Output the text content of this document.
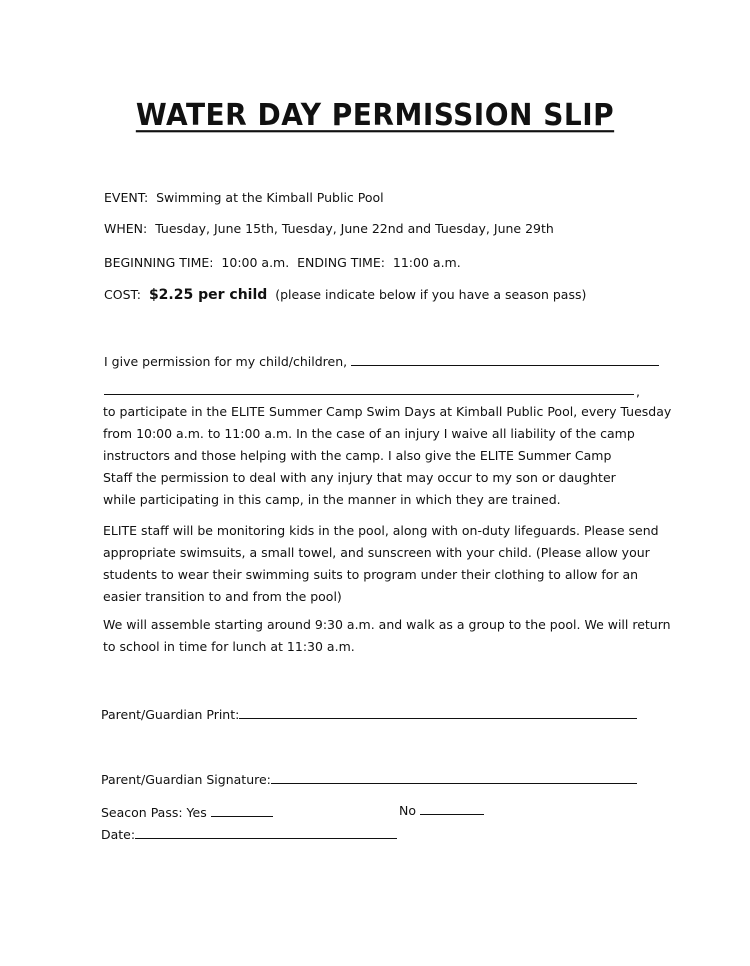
WATER DAY PERMISSION SLIP
EVENT: Swimming at the Kimball Public Pool
WHEN: Tuesday, June 15th, Tuesday, June 22nd and Tuesday, June 29th
BEGINNING TIME: 10:00 a.m. ENDING TIME: 11:00 a.m.
COST: $2.25 per child (please indicate below if you have a season pass)
I give permission for my child/children,
,
to participate in the ELITE Summer Camp Swim Days at Kimball Public Pool, every Tuesday
from 10:00 a.m. to 11:00 a.m. In the case of an injury I waive all liability of the camp
instructors and those helping with the camp. I also give the ELITE Summer Camp
Staff the permission to deal with any injury that may occur to my son or daughter
while participating in this camp, in the manner in which they are trained.
ELITE staff will be monitoring kids in the pool, along with on-duty lifeguards. Please send
appropriate swimsuits, a small towel, and sunscreen with your child. (Please allow your
students to wear their swimming suits to program under their clothing to allow for an
easier transition to and from the pool)
We will assemble starting around 9:30 a.m. and walk as a group to the pool. We will return
to school in time for lunch at 11:30 a.m.
Parent/Guardian Print:
Parent/Guardian Signature:
Seacon Pass: Yes	No
Date:
